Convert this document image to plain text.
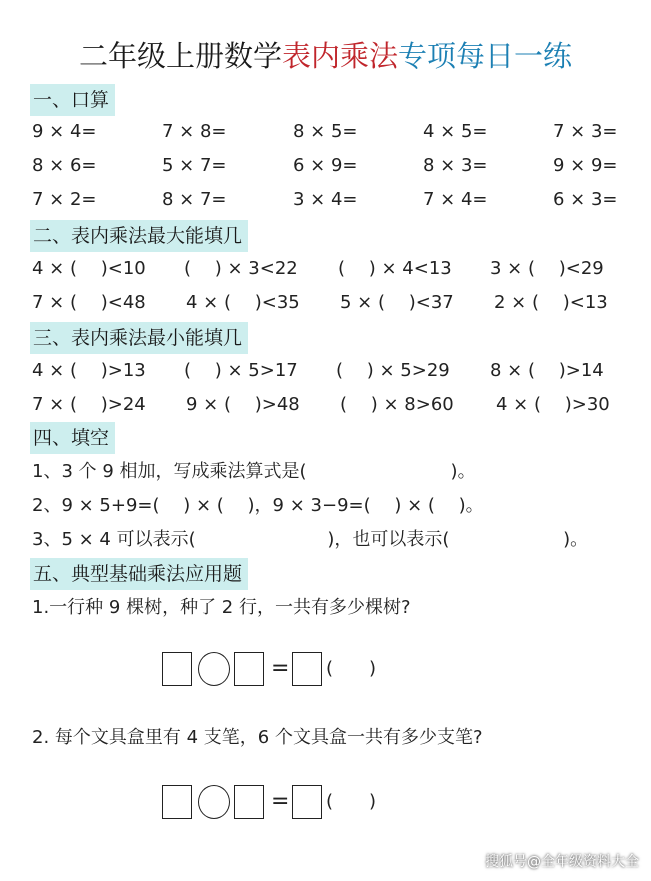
二年级上册数学表内乘法专项每日一练
一、口算
9 × 4=	7 × 8=	8 × 5=	4 × 5=	7 × 3=
8 × 6=	5 × 7=	6 × 9=	8 × 3=	9 × 9=
7 × 2=	8 × 7=	3 × 4=	7 × 4=	6 × 3=
二、表内乘法最大能填几
4 × (　 )<10 (　 ) × 3<22 (　 ) × 4<13 3 × (　 )<29
7 × (　 )<48 4 × (　 )<35 5 × (　 )<37 2 × (　 )<13
三、表内乘法最小能填几
4 × (　 )>13 (　 ) × 5>17 (　 ) × 5>29 8 × (　 )>14
7 × (　 )>24 9 × (　 )>48 (　 ) × 8>60 4 × (　 )>30
四、填空
1、3 个 9 相加，写成乘法算式是(　　　　　　　　)。
2、9 × 5+9=(　 ) × (　 )，9 × 3−9=(　 ) × (　 )。
3、5 × 4 可以表示(　　　　　　　 )，也可以表示(　　　　　　 )。
五、典型基础乘法应用题
1.一行种 9 棵树，种了 2 行，一共有多少棵树?
= (　　)
2. 每个文具盒里有 4 支笔，6 个文具盒一共有多少支笔?
= (　　)
搜狐号@全年级资料大全
